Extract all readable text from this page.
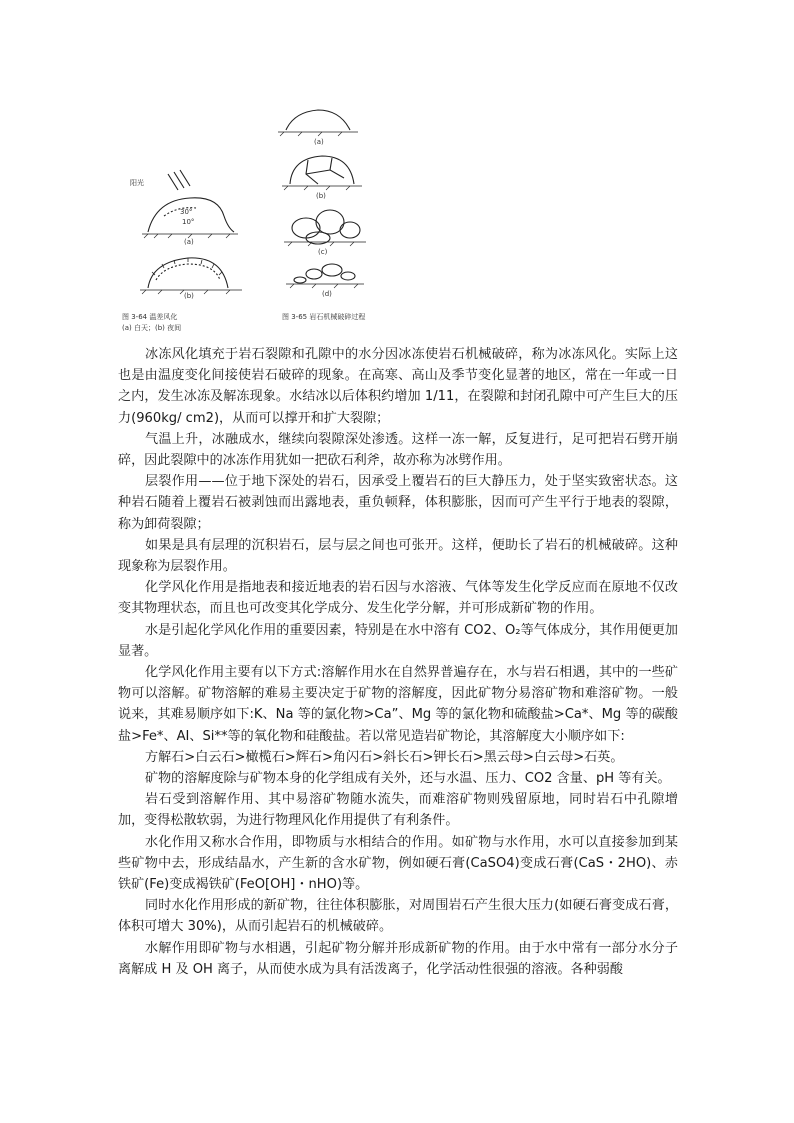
阳光
30°
10°
(a)
(b)
(a)
(b)
(c)
(d)
图 3-64 温差风化
(a) 白天；(b) 夜间
图 3-65 岩石机械破碎过程

冰冻风化填充于岩石裂隙和孔隙中的水分因冰冻使岩石机械破碎，称为冰冻风化。实际上这也是由温度变化间接使岩石破碎的现象。在高寒、高山及季节变化显著的地区，常在一年或一日之内，发生冰冻及解冻现象。水结冰以后体积约增加 1/11，在裂隙和封闭孔隙中可产生巨大的压力(960kg/ cm2)，从而可以撑开和扩大裂隙；

气温上升，冰融成水，继续向裂隙深处渗透。这样一冻一解，反复进行，足可把岩石劈开崩碎，因此裂隙中的冰冻作用犹如一把砍石利斧，故亦称为冰劈作用。

层裂作用——位于地下深处的岩石，因承受上覆岩石的巨大静压力，处于坚实致密状态。这种岩石随着上覆岩石被剥蚀而出露地表，重负顿释，体积膨胀，因而可产生平行于地表的裂隙，称为卸荷裂隙；

如果是具有层理的沉积岩石，层与层之间也可张开。这样，便助长了岩石的机械破碎。这种现象称为层裂作用。

化学风化作用是指地表和接近地表的岩石因与水溶液、气体等发生化学反应而在原地不仅改变其物理状态，而且也可改变其化学成分、发生化学分解，并可形成新矿物的作用。

水是引起化学风化作用的重要因素，特别是在水中溶有 CO2、O₂等气体成分，其作用便更加显著。

化学风化作用主要有以下方式:溶解作用水在自然界普遍存在，水与岩石相遇，其中的一些矿物可以溶解。矿物溶解的难易主要决定于矿物的溶解度，因此矿物分易溶矿物和难溶矿物。一般说来，其难易顺序如下:K、Na 等的氯化物>Ca”、Mg 等的氯化物和硫酸盐>Ca*、Mg 等的碳酸盐>Fe*、AI、Si**等的氧化物和硅酸盐。若以常见造岩矿物论，其溶解度大小顺序如下:

方解石>白云石>橄榄石>辉石>角闪石>斜长石>钾长石>黑云母>白云母>石英。

矿物的溶解度除与矿物本身的化学组成有关外，还与水温、压力、CO2 含量、pH 等有关。

岩石受到溶解作用、其中易溶矿物随水流失，而难溶矿物则残留原地，同时岩石中孔隙增加，变得松散软弱，为进行物理风化作用提供了有利条件。

水化作用又称水合作用，即物质与水相结合的作用。如矿物与水作用，水可以直接参加到某些矿物中去，形成结晶水，产生新的含水矿物，例如硬石膏(CaSO4)变成石膏(CaS・2HO)、赤铁矿(Fe)变成褐铁矿(FeO[OH]・nHO)等。

同时水化作用形成的新矿物，往往体积膨胀，对周围岩石产生很大压力(如硬石膏变成石膏，体积可增大 30%)，从而引起岩石的机械破碎。

水解作用即矿物与水相遇，引起矿物分解并形成新矿物的作用。由于水中常有一部分水分子离解成 H 及 OH 离子，从而使水成为具有活泼离子，化学活动性很强的溶液。各种弱酸
